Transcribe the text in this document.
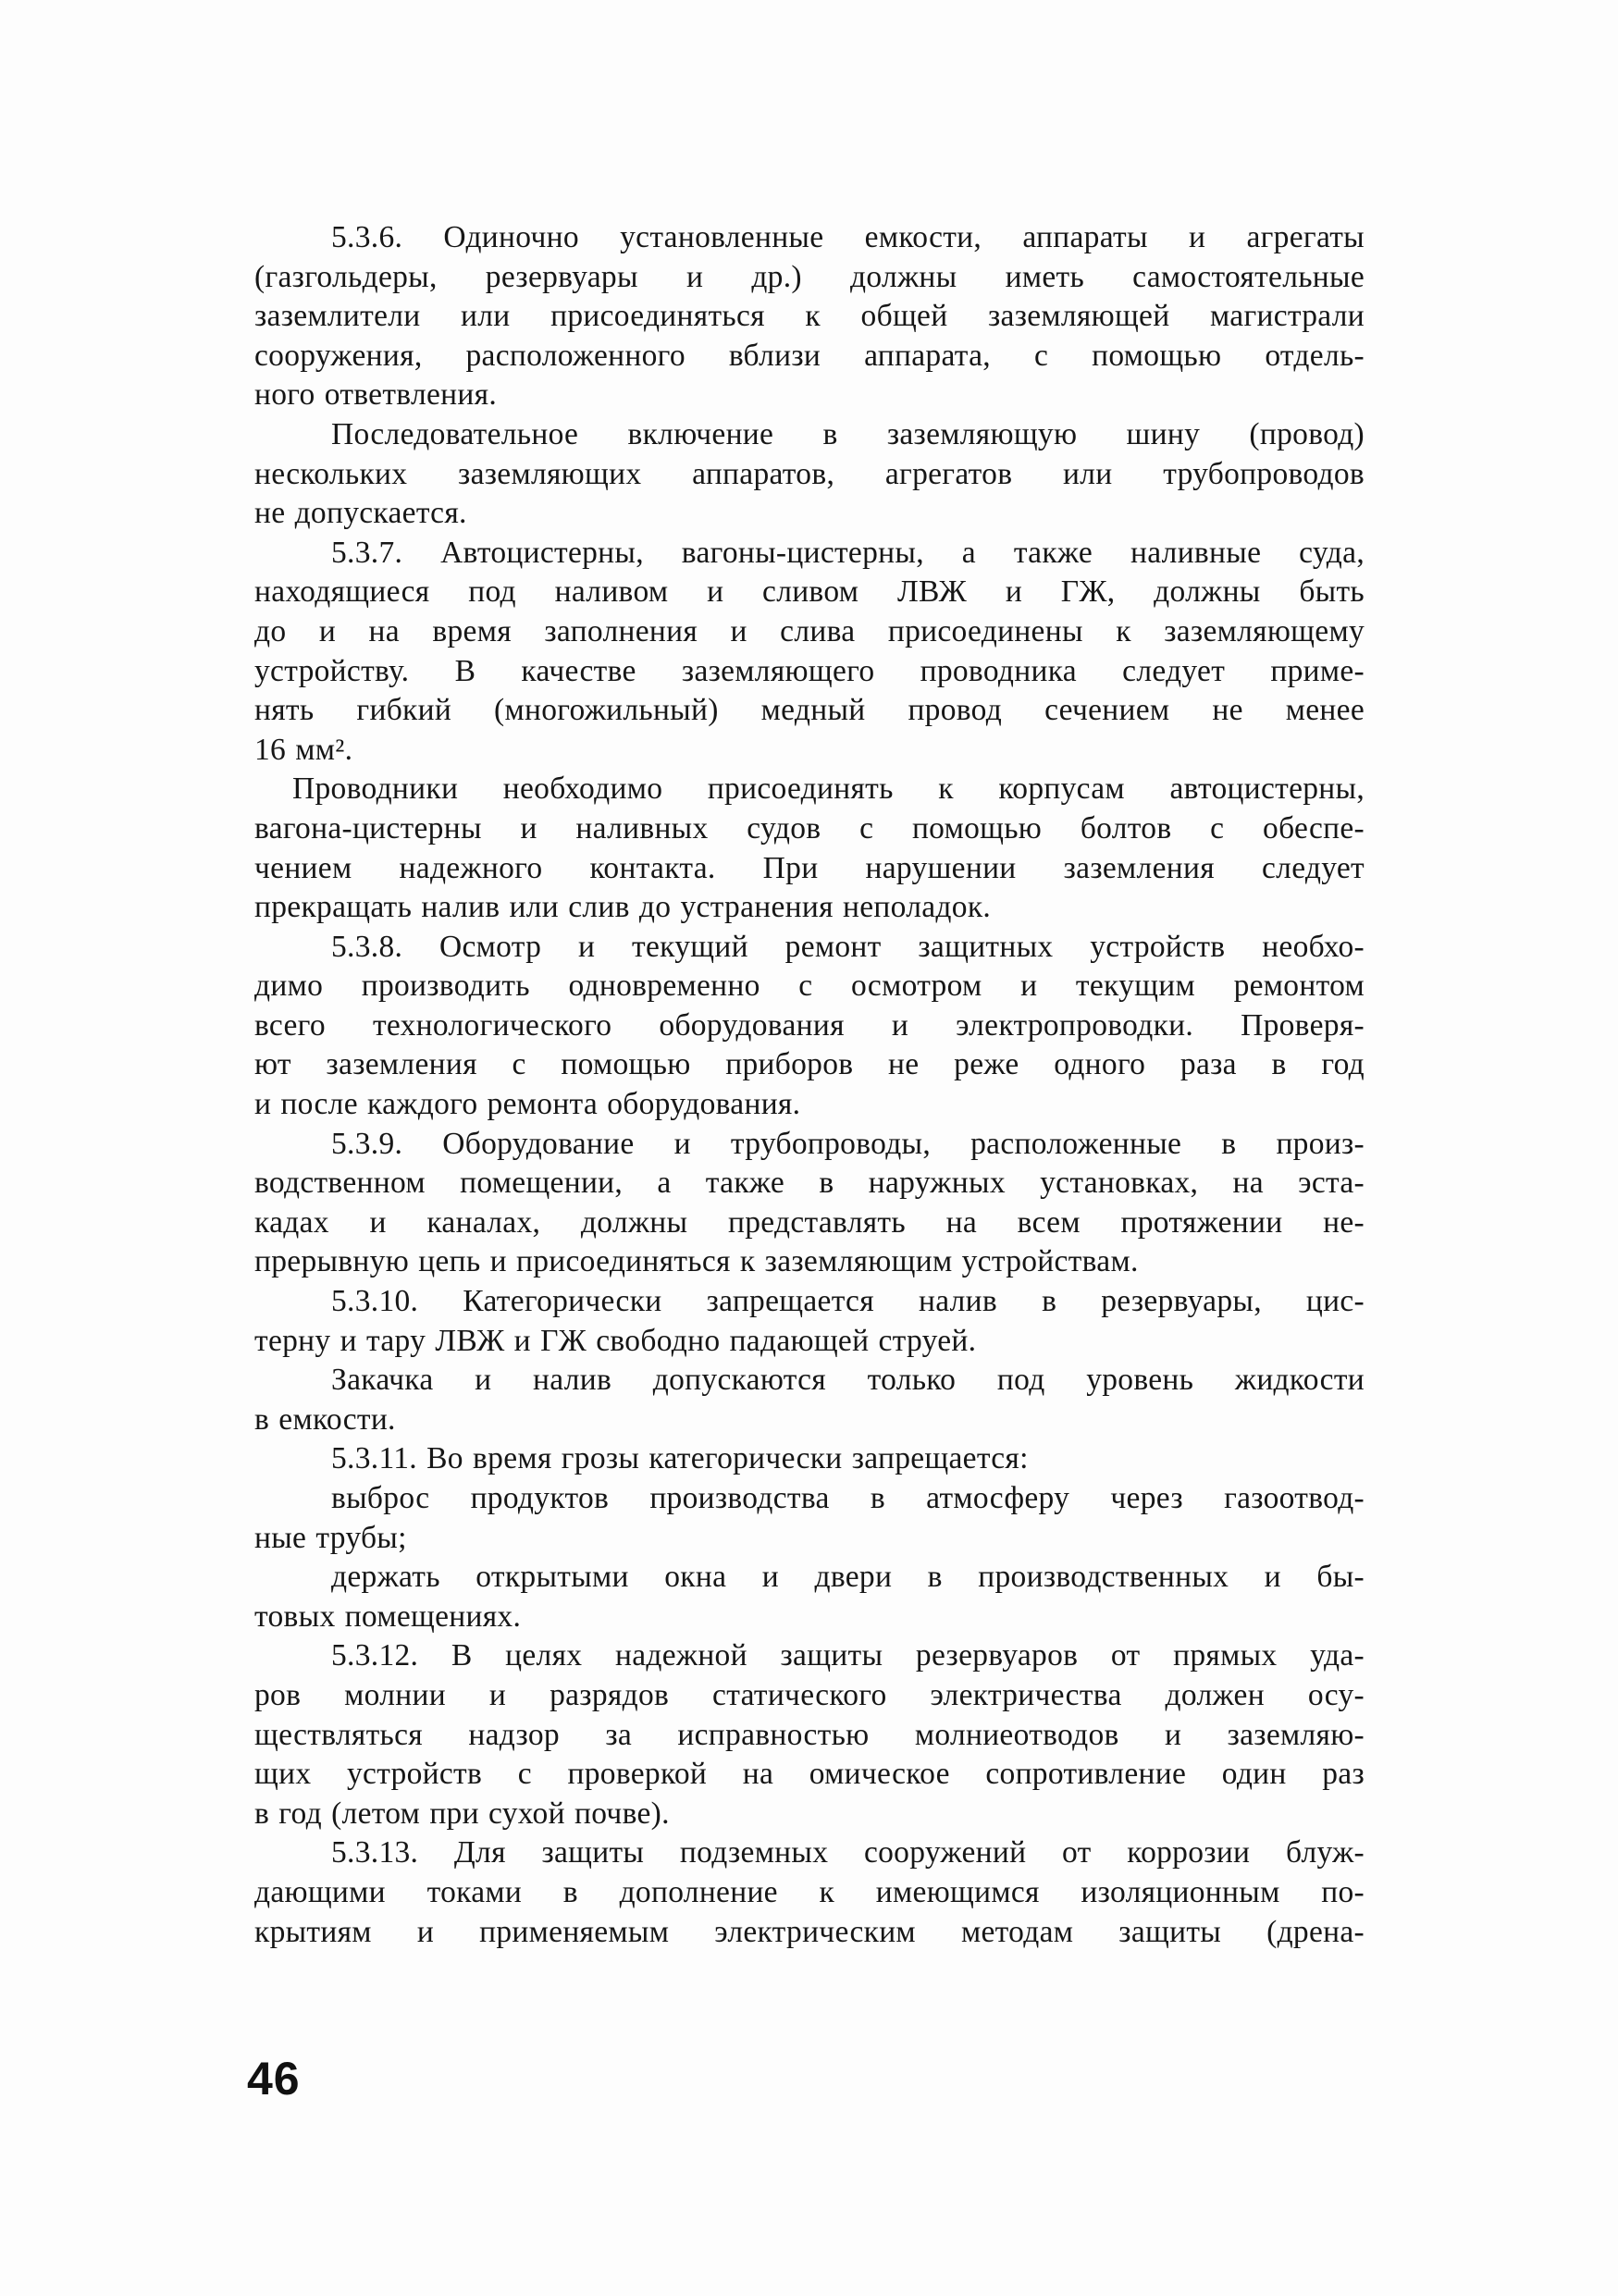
5.3.6. Одиночно установленные емкости, аппараты и агрегаты
(газгольдеры, резервуары и др.) должны иметь самостоятельные
заземлители или присоединяться к общей заземляющей магистрали
сооружения, расположенного вблизи аппарата, с помощью отдель-
ного ответвления.
Последовательное включение в заземляющую шину (провод)
нескольких заземляющих аппаратов, агрегатов или трубопроводов
не допускается.
5.3.7. Автоцистерны, вагоны-цистерны, а также наливные суда,
находящиеся под наливом и сливом ЛВЖ и ГЖ, должны быть
до и на время заполнения и слива присоединены к заземляющему
устройству. В качестве заземляющего проводника следует приме-
нять гибкий (многожильный) медный провод сечением не менее
16 мм².
Проводники необходимо присоединять к корпусам автоцистерны,
вагона-цистерны и наливных судов с помощью болтов с обеспе-
чением надежного контакта. При нарушении заземления следует
прекращать налив или слив до устранения неполадок.
5.3.8. Осмотр и текущий ремонт защитных устройств необхо-
димо производить одновременно с осмотром и текущим ремонтом
всего технологического оборудования и электропроводки. Проверя-
ют заземления с помощью приборов не реже одного раза в год
и после каждого ремонта оборудования.
5.3.9. Оборудование и трубопроводы, расположенные в произ-
водственном помещении, а также в наружных установках, на эста-
кадах и каналах, должны представлять на всем протяжении не-
прерывную цепь и присоединяться к заземляющим устройствам.
5.3.10. Категорически запрещается налив в резервуары, цис-
терну и тару ЛВЖ и ГЖ свободно падающей струей.
Закачка и налив допускаются только под уровень жидкости
в емкости.
5.3.11. Во время грозы категорически запрещается:
выброс продуктов производства в атмосферу через газоотвод-
ные трубы;
держать открытыми окна и двери в производственных и бы-
товых помещениях.
5.3.12. В целях надежной защиты резервуаров от прямых уда-
ров молнии и разрядов статического электричества должен осу-
ществляться надзор за исправностью молниеотводов и заземляю-
щих устройств с проверкой на омическое сопротивление один раз
в год (летом при сухой почве).
5.3.13. Для защиты подземных сооружений от коррозии блуж-
дающими токами в дополнение к имеющимся изоляционным по-
крытиям и применяемым электрическим методам защиты (дрена-
46
